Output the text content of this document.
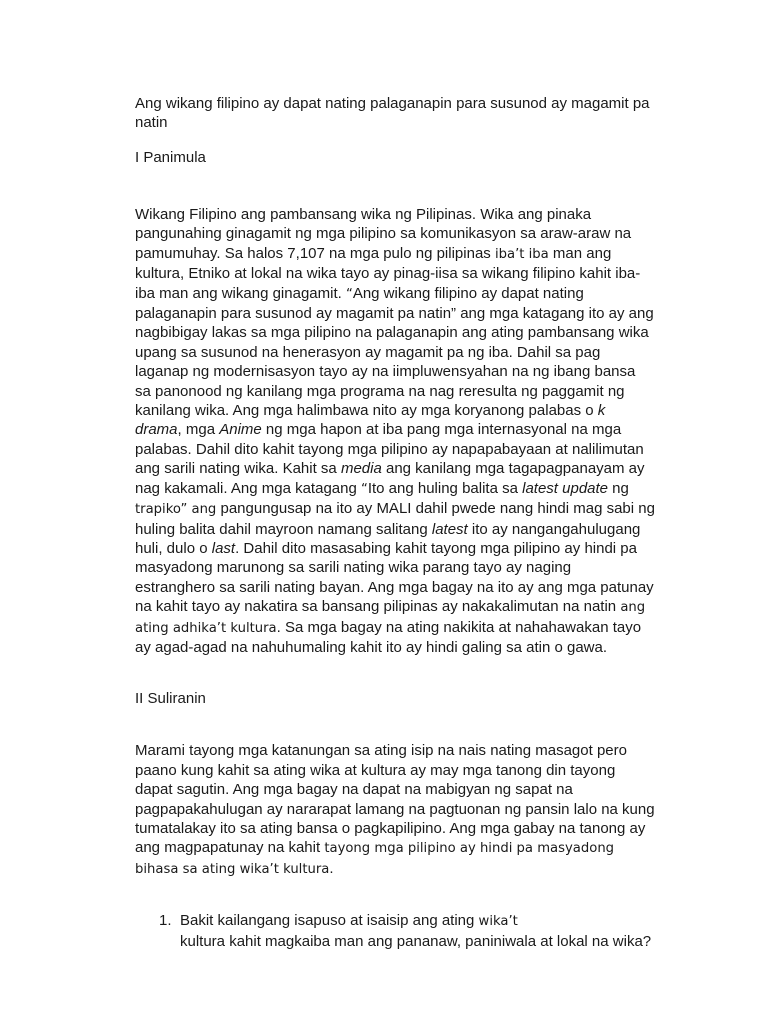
Ang wikang filipino ay dapat nating palaganapin para susunod ay magamit pa natin

I Panimula

Wikang Filipino ang pambansang wika ng Pilipinas. Wika ang pinaka pangunahing ginagamit ng mga pilipino sa komunikasyon sa araw-araw na pamumuhay. Sa halos 7,107 na mga pulo ng pilipinas iba’t iba man ang kultura, Etniko at lokal na wika tayo ay pinag-iisa sa wikang filipino kahit iba-iba man ang wikang ginagamit. “Ang wikang filipino ay dapat nating palaganapin para susunod ay magamit pa natin” ang mga katagang ito ay ang nagbibigay lakas sa mga pilipino na palaganapin ang ating pambansang wika upang sa susunod na henerasyon ay magamit pa ng iba. Dahil sa pag laganap ng modernisasyon tayo ay na iimpluwensyahan na ng ibang bansa sa panonood ng kanilang mga programa na nag reresulta ng paggamit ng kanilang wika. Ang mga halimbawa nito ay mga koryanong palabas o k drama, mga Anime ng mga hapon at iba pang mga internasyonal na mga palabas. Dahil dito kahit tayong mga pilipino ay napapabayaan at nalilimutan ang sarili nating wika. Kahit sa media ang kanilang mga tagapagpanayam ay nag kakamali. Ang mga katagang “Ito ang huling balita sa latest update ng trapiko” ang pangungusap na ito ay MALI dahil pwede nang hindi mag sabi ng huling balita dahil mayroon namang salitang latest ito ay nangangahulugang huli, dulo o last. Dahil dito masasabing kahit tayong mga pilipino ay hindi pa masyadong marunong sa sarili nating wika parang tayo ay naging estranghero sa sarili nating bayan. Ang mga bagay na ito ay ang mga patunay na kahit tayo ay nakatira sa bansang pilipinas ay nakakalimutan na natin ang ating adhika’t kultura. Sa mga bagay na ating nakikita at nahahawakan tayo ay agad-agad na nahuhumaling kahit ito ay hindi galing sa atin o gawa.

II Suliranin

Marami tayong mga katanungan sa ating isip na nais nating masagot pero paano kung kahit sa ating wika at kultura ay may mga tanong din tayong dapat sagutin. Ang mga bagay na dapat na mabigyan ng sapat na pagpapakahulugan ay nararapat lamang na pagtuonan ng pansin lalo na kung tumatalakay ito sa ating bansa o pagkapilipino. Ang mga gabay na tanong ay ang magpapatunay na kahit tayong mga pilipino ay hindi pa masyadong bihasa sa ating wika’t kultura.

1. Bakit kailangang isapuso at isaisip ang ating wika’t
kultura kahit magkaiba man ang pananaw, paniniwala at lokal na wika?
